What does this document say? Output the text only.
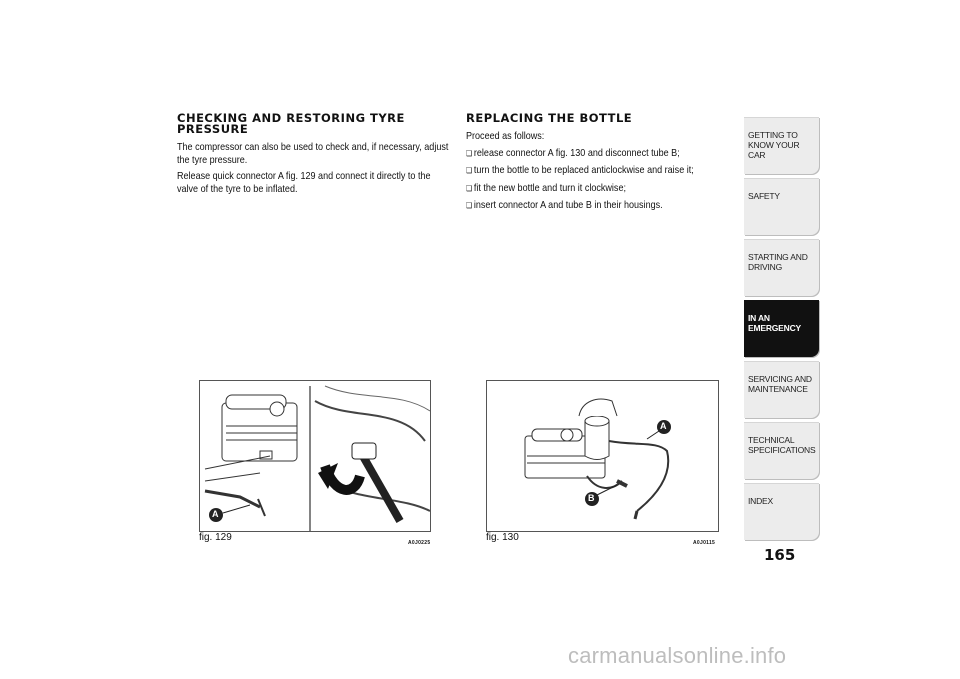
CHECKING AND RESTORING TYRE PRESSURE

The compressor can also be used to check and, if necessary, adjust the tyre pressure.

Release quick connector A fig. 129 and connect it directly to the valve of the tyre to be inflated.

REPLACING THE BOTTLE

Proceed as follows:

❏ release connector A fig. 130 and disconnect tube B;

❏ turn the bottle to be replaced anticlockwise and raise it;

❏ fit the new bottle and turn it clockwise;

❏ insert connector A and tube B in their housings.

A
fig. 129	A0J0225
A
B
fig. 130	A0J0115
GETTING TO KNOW YOUR CAR
SAFETY
STARTING AND DRIVING
IN AN EMERGENCY
SERVICING AND MAINTENANCE
TECHNICAL SPECIFICATIONS
INDEX
165
carmanualsonline.info
